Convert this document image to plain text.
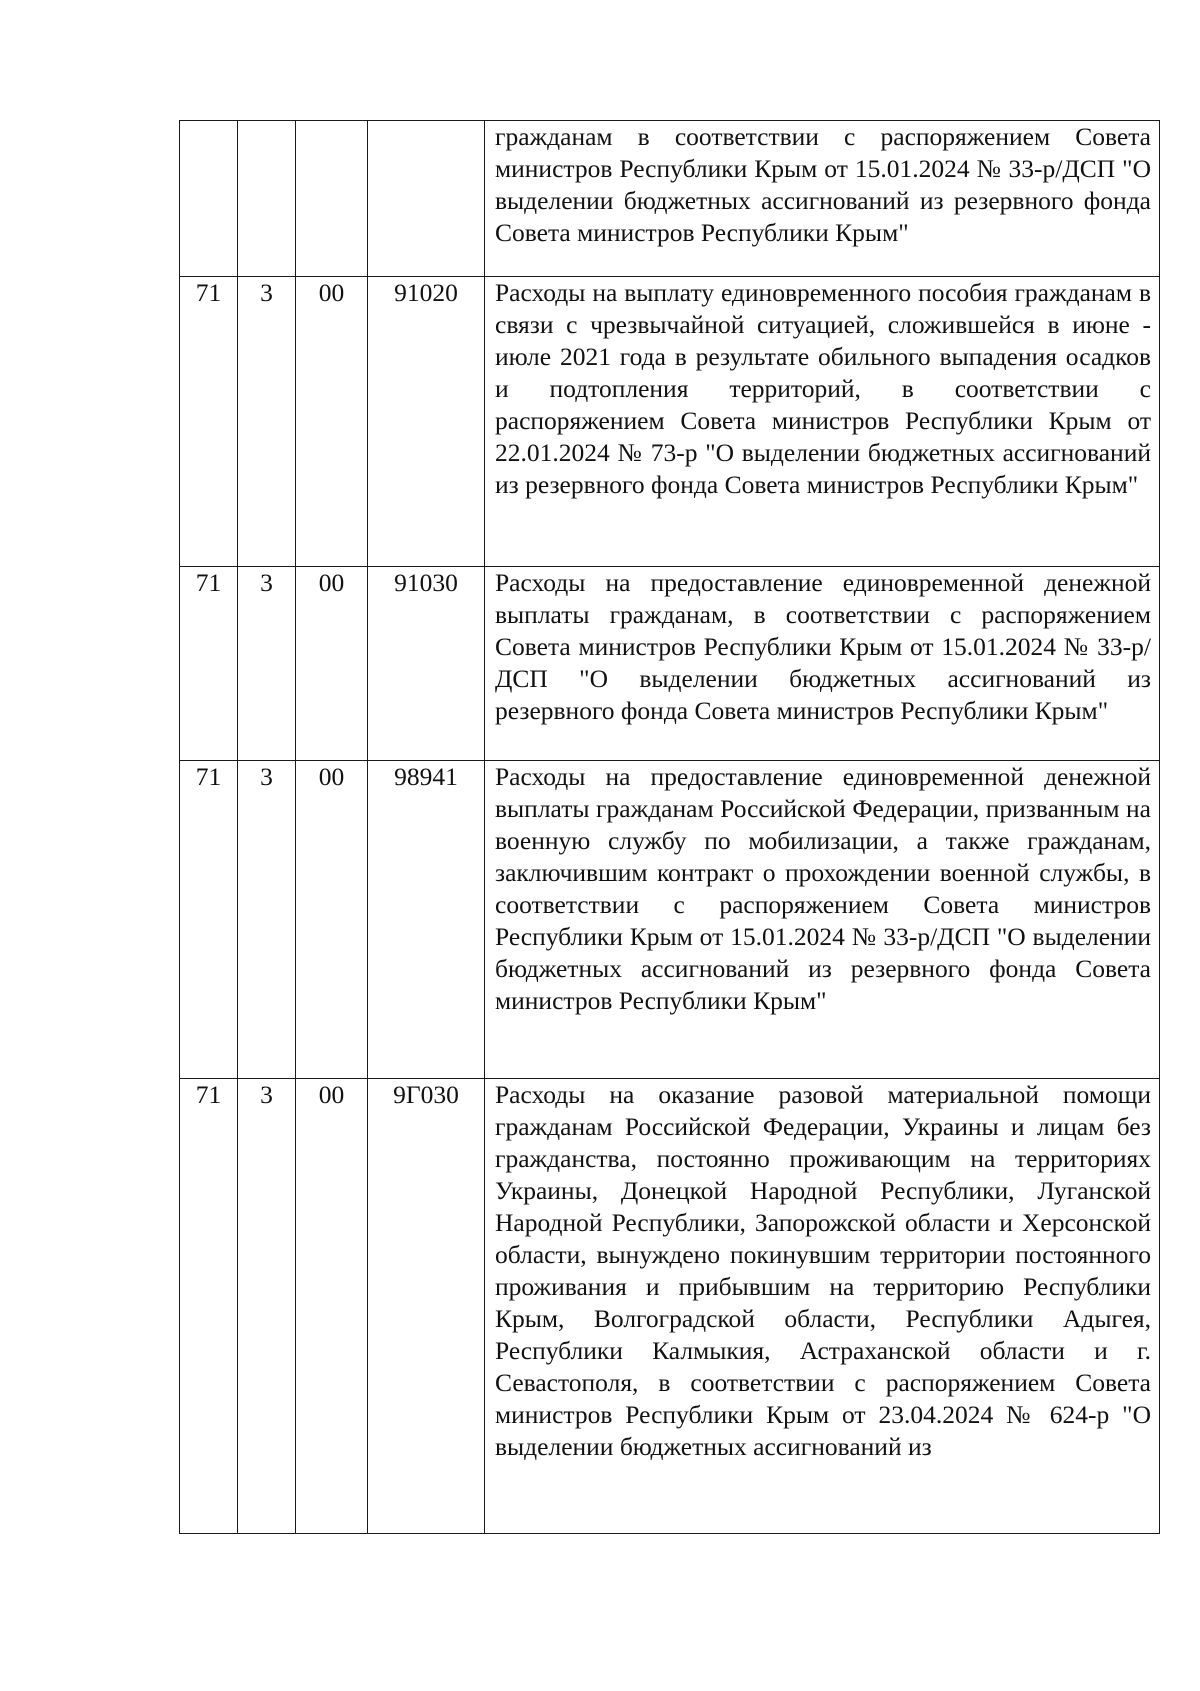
				гражданам в соответствии с распоряжением Совета министров Республики Крым от 15.01.2024 № 33-р/ДСП "О выделении бюджетных ассигнований из резервного фонда Совета министров Республики Крым"
71	3	00	91020	Расходы на выплату единовременного пособия гражданам в связи с чрезвычайной ситуацией, сложившейся в июне - июле 2021 года в результате обильного выпадения осадков и подтопления территорий, в соответствии с распоряжением Совета министров Республики Крым от 22.01.2024 № 73-р "О выделении бюджетных ассигнований из резервного фонда Совета министров Республики Крым"
71	3	00	91030	Расходы на предоставление единовременной денежной выплаты гражданам, в соответствии с распоряжением Совета министров Республики Крым от 15.01.2024 № 33-р/ДСП "О выделении бюджетных ассигнований из резервного фонда Совета министров Республики Крым"
71	3	00	98941	Расходы на предоставление единовременной денежной выплаты гражданам Российской Федерации, призванным на военную службу по мобилизации, а также гражданам, заключившим контракт о прохождении военной службы, в соответствии с распоряжением Совета министров Республики Крым от 15.01.2024 № 33-р/ДСП "О выделении бюджетных ассигнований из резервного фонда Совета министров Республики Крым"
71	3	00	9Г030	Расходы на оказание разовой материальной помощи гражданам Российской Федерации, Украины и лицам без гражданства, постоянно проживающим на территориях Украины, Донецкой Народной Республики, Луганской Народной Республики, Запорожской области и Херсонской области, вынуждено покинувшим территории постоянного проживания и прибывшим на территорию Республики Крым, Волгоградской области, Республики Адыгея, Республики Калмыкия, Астраханской области и г. Севастополя, в соответствии с распоряжением Совета министров Республики Крым от 23.04.2024 № 624-р "О выделении бюджетных ассигнований из
